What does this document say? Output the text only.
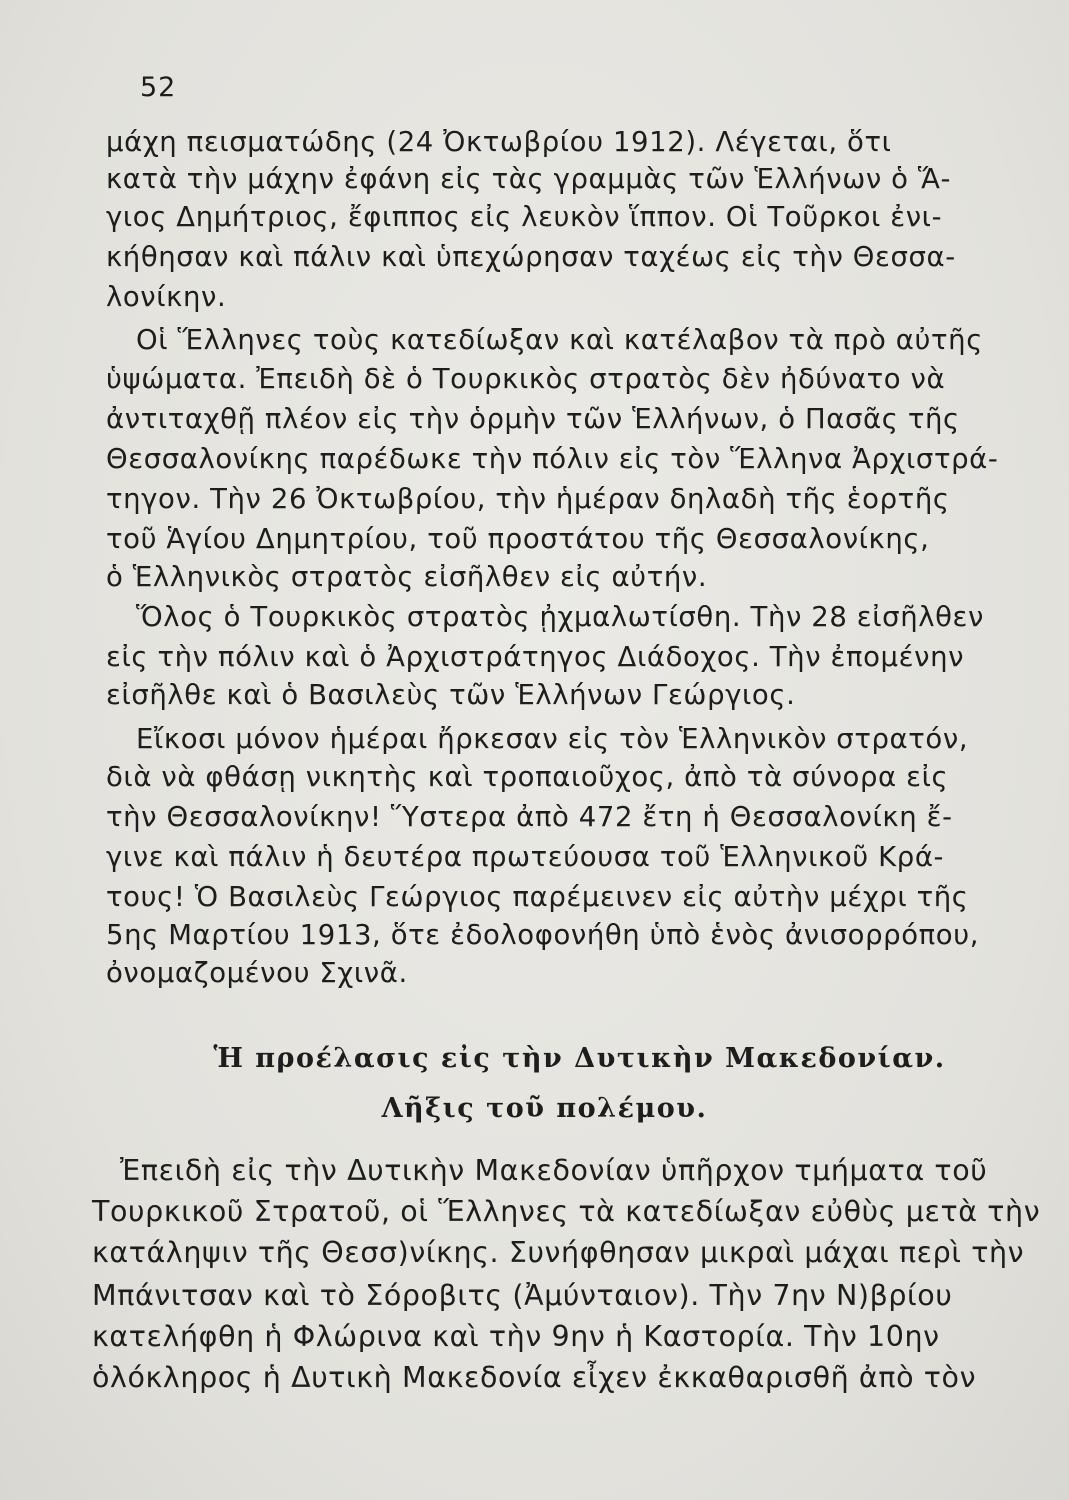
52
μάχη πεισματώδης (24 Ὀκτωβρίου 1912). Λέγεται, ὅτι
κατὰ τὴν μάχην ἐφάνη εἰς τὰς γραμμὰς τῶν Ἑλλήνων ὁ Ἅ-
γιος Δημήτριος, ἔφιππος εἰς λευκὸν ἵππον. Οἱ Τοῦρκοι ἐνι-
κήθησαν καὶ πάλιν καὶ ὑπεχώρησαν ταχέως εἰς τὴν Θεσσα-
λονίκην.
Οἱ Ἕλληνες τοὺς κατεδίωξαν καὶ κατέλαβον τὰ πρὸ αὐτῆς
ὑψώματα. Ἐπειδὴ δὲ ὁ Τουρκικὸς στρατὸς δὲν ἠδύνατο νὰ
ἀντιταχθῇ πλέον εἰς τὴν ὁρμὴν τῶν Ἑλλήνων, ὁ Πασᾶς τῆς
Θεσσαλονίκης παρέδωκε τὴν πόλιν εἰς τὸν Ἕλληνα Ἀρχιστρά-
τηγον. Τὴν 26 Ὀκτωβρίου, τὴν ἡμέραν δηλαδὴ τῆς ἑορτῆς
τοῦ Ἁγίου Δημητρίου, τοῦ προστάτου τῆς Θεσσαλονίκης,
ὁ Ἑλληνικὸς στρατὸς εἰσῆλθεν εἰς αὐτήν.
Ὅλος ὁ Τουρκικὸς στρατὸς ᾐχμαλωτίσθη. Τὴν 28 εἰσῆλθεν
εἰς τὴν πόλιν καὶ ὁ Ἀρχιστράτηγος Διάδοχος. Τὴν ἐπομένην
εἰσῆλθε καὶ ὁ Βασιλεὺς τῶν Ἑλλήνων Γεώργιος.
Εἴκοσι μόνον ἡμέραι ἤρκεσαν εἰς τὸν Ἑλληνικὸν στρατόν,
διὰ νὰ φθάσῃ νικητὴς καὶ τροπαιοῦχος, ἀπὸ τὰ σύνορα εἰς
τὴν Θεσσαλονίκην! Ὕστερα ἀπὸ 472 ἔτη ἡ Θεσσαλονίκη ἔ-
γινε καὶ πάλιν ἡ δευτέρα πρωτεύουσα τοῦ Ἑλληνικοῦ Κρά-
τους! Ὁ Βασιλεὺς Γεώργιος παρέμεινεν εἰς αὐτὴν μέχρι τῆς
5ης Μαρτίου 1913, ὅτε ἐδολοφονήθη ὑπὸ ἑνὸς ἀνισορρόπου,
ὀνομαζομένου Σχινᾶ.
Ἡ προέλασις εἰς τὴν Δυτικὴν Μακεδονίαν.
Λῆξις τοῦ πολέμου.
Ἐπειδὴ εἰς τὴν Δυτικὴν Μακεδονίαν ὑπῆρχον τμήματα τοῦ
Τουρκικοῦ Στρατοῦ, οἱ Ἕλληνες τὰ κατεδίωξαν εὐθὺς μετὰ τὴν
κατάληψιν τῆς Θεσσ)νίκης. Συνήφθησαν μικραὶ μάχαι περὶ τὴν
Μπάνιτσαν καὶ τὸ Σόροβιτς (Ἀμύνταιον). Τὴν 7ην Ν)βρίου
κατελήφθη ἡ Φλώρινα καὶ τὴν 9ην ἡ Καστορία. Τὴν 10ην
ὁλόκληρος ἡ Δυτικὴ Μακεδονία εἶχεν ἐκκαθαρισθῆ ἀπὸ τὸν
